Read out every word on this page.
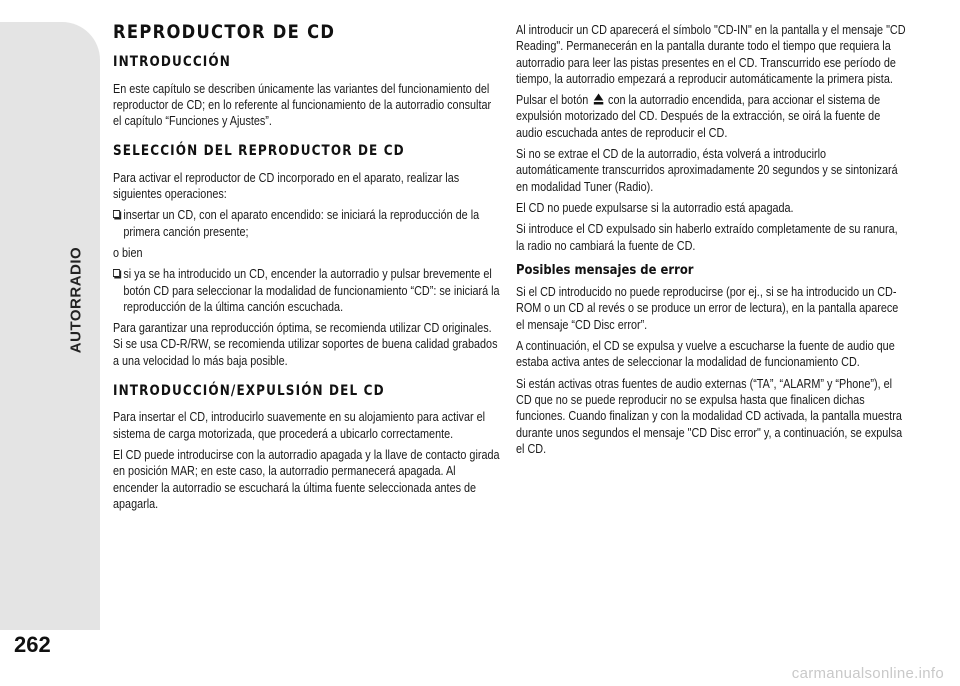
AUTORRADIO
262
REPRODUCTOR DE CD
INTRODUCCIÓN

En este capítulo se describen únicamente las variantes del funcionamiento del reproductor de CD; en lo referente al funcionamiento de la autorradio consultar el capítulo “Funciones y Ajustes”.

SELECCIÓN DEL REPRODUCTOR DE CD

Para activar el reproductor de CD incorporado en el aparato, realizar las siguientes operaciones:

insertar un CD, con el aparato encendido: se iniciará la reproducción de la primera canción presente;

o bien

si ya se ha introducido un CD, encender la autorradio y pulsar brevemente el botón CD para seleccionar la modalidad de funcionamiento “CD”: se iniciará la reproducción de la última canción escuchada.

Para garantizar una reproducción óptima, se recomienda utilizar CD originales. Si se usa CD-R/RW, se recomienda utilizar soportes de buena calidad grabados a una velocidad lo más baja posible.

INTRODUCCIÓN/EXPULSIÓN DEL CD

Para insertar el CD, introducirlo suavemente en su alojamiento para activar el sistema de carga motorizada, que procederá a ubicarlo correctamente.

El CD puede introducirse con la autorradio apagada y la llave de contacto girada en posición MAR; en este caso, la autorradio permanecerá apagada. Al encender la autorradio se escuchará la última fuente seleccionada antes de apagarla.

Al introducir un CD aparecerá el símbolo "CD-IN" en la pantalla y el mensaje "CD Reading". Permanecerán en la pantalla durante todo el tiempo que requiera la autorradio para leer las pistas presentes en el CD. Transcurrido ese período de tiempo, la autorradio empezará a reproducir automáticamente la primera pista.

Pulsar el botón con la autorradio encendida, para accionar el sistema de expulsión motorizado del CD. Después de la extracción, se oirá la fuente de audio escuchada antes de reproducir el CD.

Si no se extrae el CD de la autorradio, ésta volverá a introducirlo automáticamente transcurridos aproximadamente 20 segundos y se sintonizará en modalidad Tuner (Radio).

El CD no puede expulsarse si la autorradio está apagada.

Si introduce el CD expulsado sin haberlo extraído completamente de su ranura, la radio no cambiará la fuente de CD.

Posibles mensajes de error

Si el CD introducido no puede reproducirse (por ej., si se ha introducido un CD-ROM o un CD al revés o se produce un error de lectura), en la pantalla aparece el mensaje “CD Disc error”.

A continuación, el CD se expulsa y vuelve a escucharse la fuente de audio que estaba activa antes de seleccionar la modalidad de funcionamiento CD.

Si están activas otras fuentes de audio externas (“TA”, “ALARM” y “Phone”), el CD que no se puede reproducir no se expulsa hasta que finalicen dichas funciones. Cuando finalizan y con la modalidad CD activada, la pantalla muestra durante unos segundos el mensaje "CD Disc error" y, a continuación, se expulsa el CD.

carmanualsonline.info
